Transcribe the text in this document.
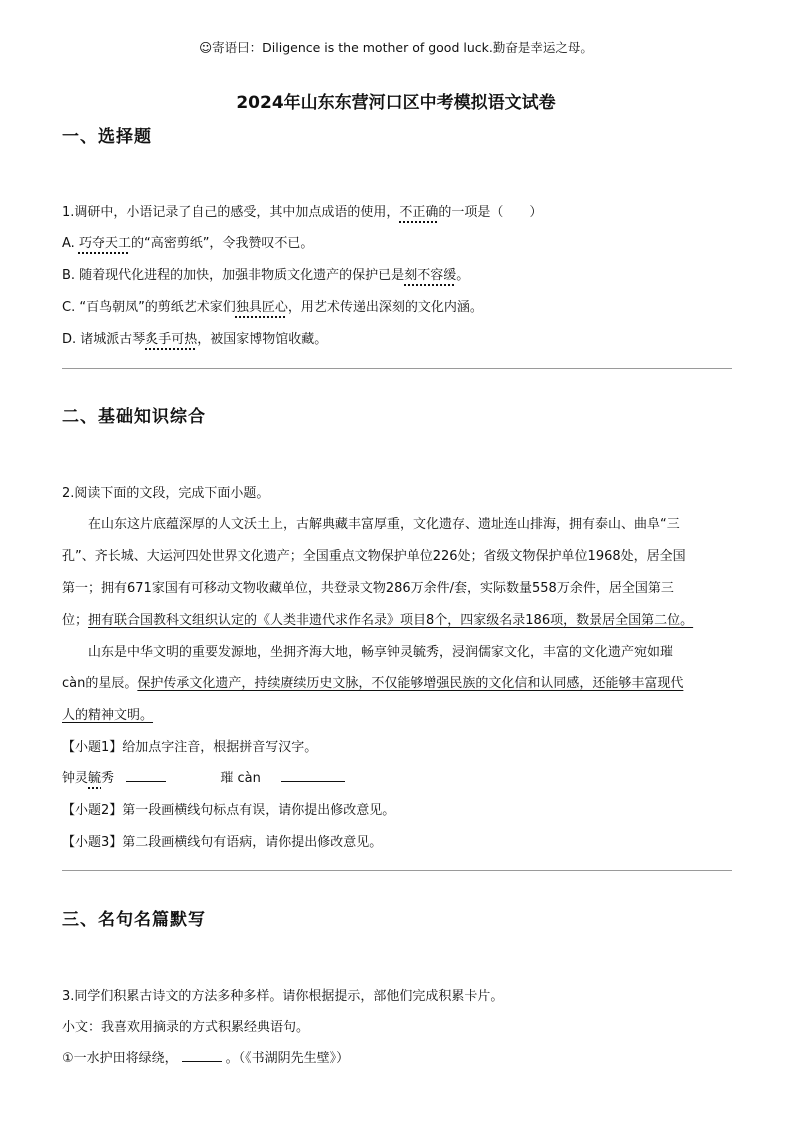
☺寄语曰：Diligence is the mother of good luck.勤奋是幸运之母。
2024年山东东营河口区中考模拟语文试卷
一、选择题
1.调研中，小语记录了自己的感受，其中加点成语的使用，不正确的一项是（　　）
A. 巧夺天工的“高密剪纸”，令我赞叹不已。
B. 随着现代化进程的加快，加强非物质文化遗产的保护已是刻不容缓。
C. “百鸟朝凤”的剪纸艺术家们独具匠心，用艺术传递出深刻的文化内涵。
D. 诸城派古琴炙手可热，被国家博物馆收藏。
二、基础知识综合
2.阅读下面的文段，完成下面小题。
在山东这片底蕴深厚的人文沃土上，古解典藏丰富厚重，文化遗存、遗址连山排海，拥有泰山、曲阜“三
孔”、齐长城、大运河四处世界文化遗产；全国重点文物保护单位226处；省级文物保护单位1968处，居全国
第一；拥有671家国有可移动文物收藏单位，共登录文物286万余件/套，实际数量558万余件，居全国第三
位；拥有联合国教科文组织认定的《人类非遗代求作名录》项目8个，四家级名录186项，数景居全国第二位。
山东是中华文明的重要发源地，坐拥齐海大地，畅享钟灵毓秀，浸润儒家文化，丰富的文化遗产宛如璀
càn的星辰。保护传承文化遗产，持续赓续历史文脉，不仅能够增强民族的文化信和认同感，还能够丰富现代
人的精神文明。
【小题1】给加点字注音，根据拼音写汉字。
钟灵毓秀	璀 càn
【小题2】第一段画横线句标点有误，请你提出修改意见。
【小题3】第二段画横线句有语病，请你提出修改意见。
三、名句名篇默写
3.同学们积累古诗文的方法多种多样。请你根据提示，部他们完成积累卡片。
小文：我喜欢用摘录的方式积累经典语句。
①一水护田将绿绕，	。（《书湖阴先生壁》）
